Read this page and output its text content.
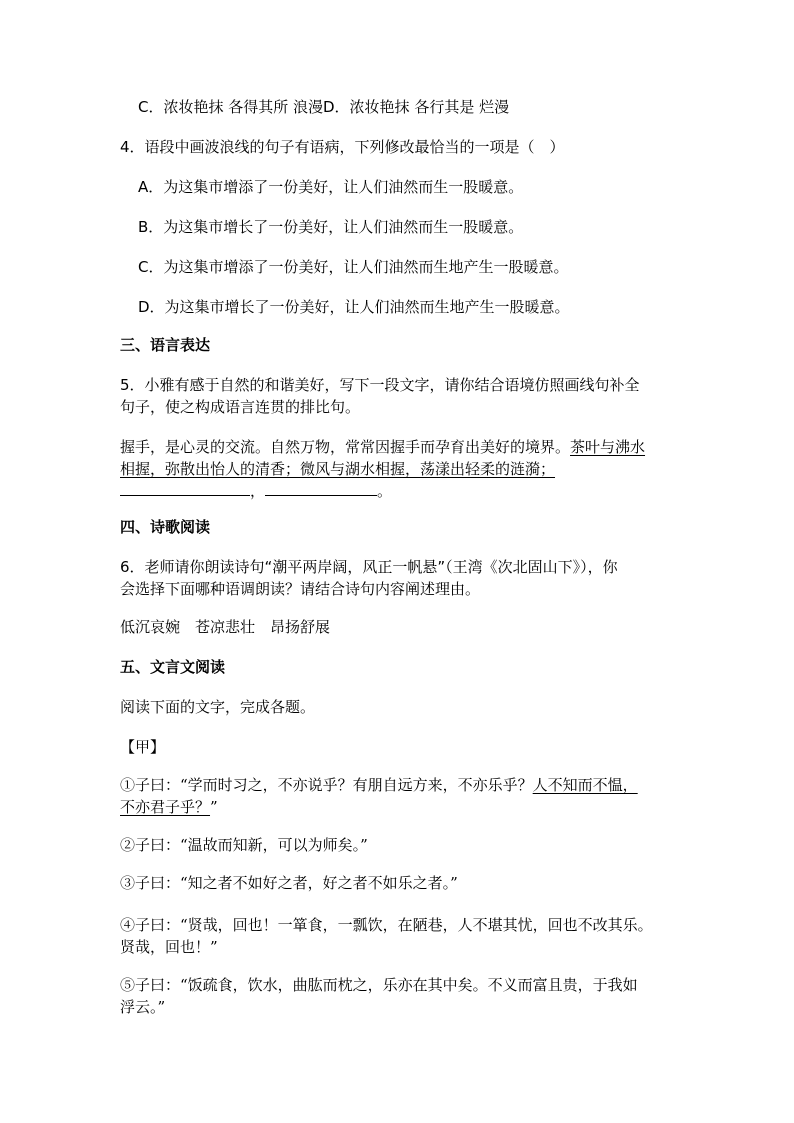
C．浓妆艳抹 各得其所 浪漫D．浓妆艳抹 各行其是 烂漫
4．语段中画波浪线的句子有语病，下列修改最恰当的一项是（　）
A．为这集市增添了一份美好，让人们油然而生一股暖意。
B．为这集市增长了一份美好，让人们油然而生一股暖意。
C．为这集市增添了一份美好，让人们油然而生地产生一股暖意。
D．为这集市增长了一份美好，让人们油然而生地产生一股暖意。
三、语言表达
5．小雅有感于自然的和谐美好，写下一段文字，请你结合语境仿照画线句补全
句子，使之构成语言连贯的排比句。
握手，是心灵的交流。自然万物，常常因握手而孕育出美好的境界。茶叶与沸水
相握，弥散出怡人的清香；微风与湖水相握，荡漾出轻柔的涟漪；
，	。
四、诗歌阅读
6．老师请你朗读诗句“潮平两岸阔，风正一帆悬”（王湾《次北固山下》），你
会选择下面哪种语调朗读？请结合诗句内容阐述理由。
低沉哀婉　苍凉悲壮　昂扬舒展
五、文言文阅读
阅读下面的文字，完成各题。
【甲】
①子曰：“学而时习之，不亦说乎？有朋自远方来，不亦乐乎？人不知而不愠，
不亦君子乎？”
②子曰：“温故而知新，可以为师矣。”
③子曰：“知之者不如好之者，好之者不如乐之者。”
④子曰：“贤哉，回也！一箪食，一瓢饮，在陋巷，人不堪其忧，回也不改其乐。
贤哉，回也！”
⑤子曰：“饭疏食，饮水，曲肱而枕之，乐亦在其中矣。不义而富且贵，于我如
浮云。”
